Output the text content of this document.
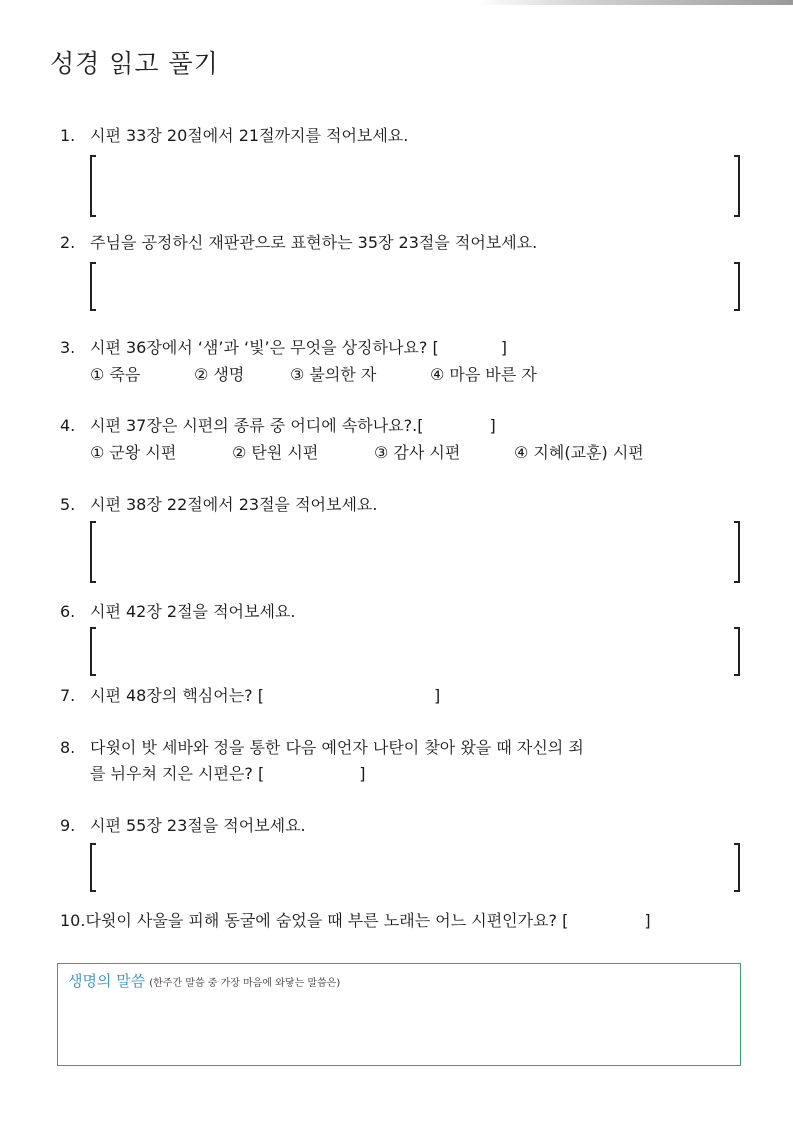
성경 읽고 풀기
1. 시편 33장 20절에서 21절까지를 적어보세요.
2. 주님을 공정하신 재판관으로 표현하는 35장 23절을 적어보세요.
3. 시편 36장에서 ‘샘’과 ‘빛’은 무엇을 상징하나요? [	]
① 죽음	② 생명	③ 불의한 자	④ 마음 바른 자
4. 시편 37장은 시편의 종류 중 어디에 속하나요?.[	]
① 군왕 시편	② 탄원 시편	③ 감사 시편	④ 지혜(교훈) 시편
5. 시편 38장 22절에서 23절을 적어보세요.
6. 시편 42장 2절을 적어보세요.
7. 시편 48장의 핵심어는? [	]
8. 다윗이 밧 세바와 정을 통한 다음 예언자 나탄이 찾아 왔을 때 자신의 죄
를 뉘우쳐 지은 시편은? [	]
9. 시편 55장 23절을 적어보세요.
10.다윗이 사울을 피해 동굴에 숨었을 때 부른 노래는 어느 시편인가요? [	]
생명의 말씀 (한주간 말씀 중 가장 마음에 와닿는 말씀은)
